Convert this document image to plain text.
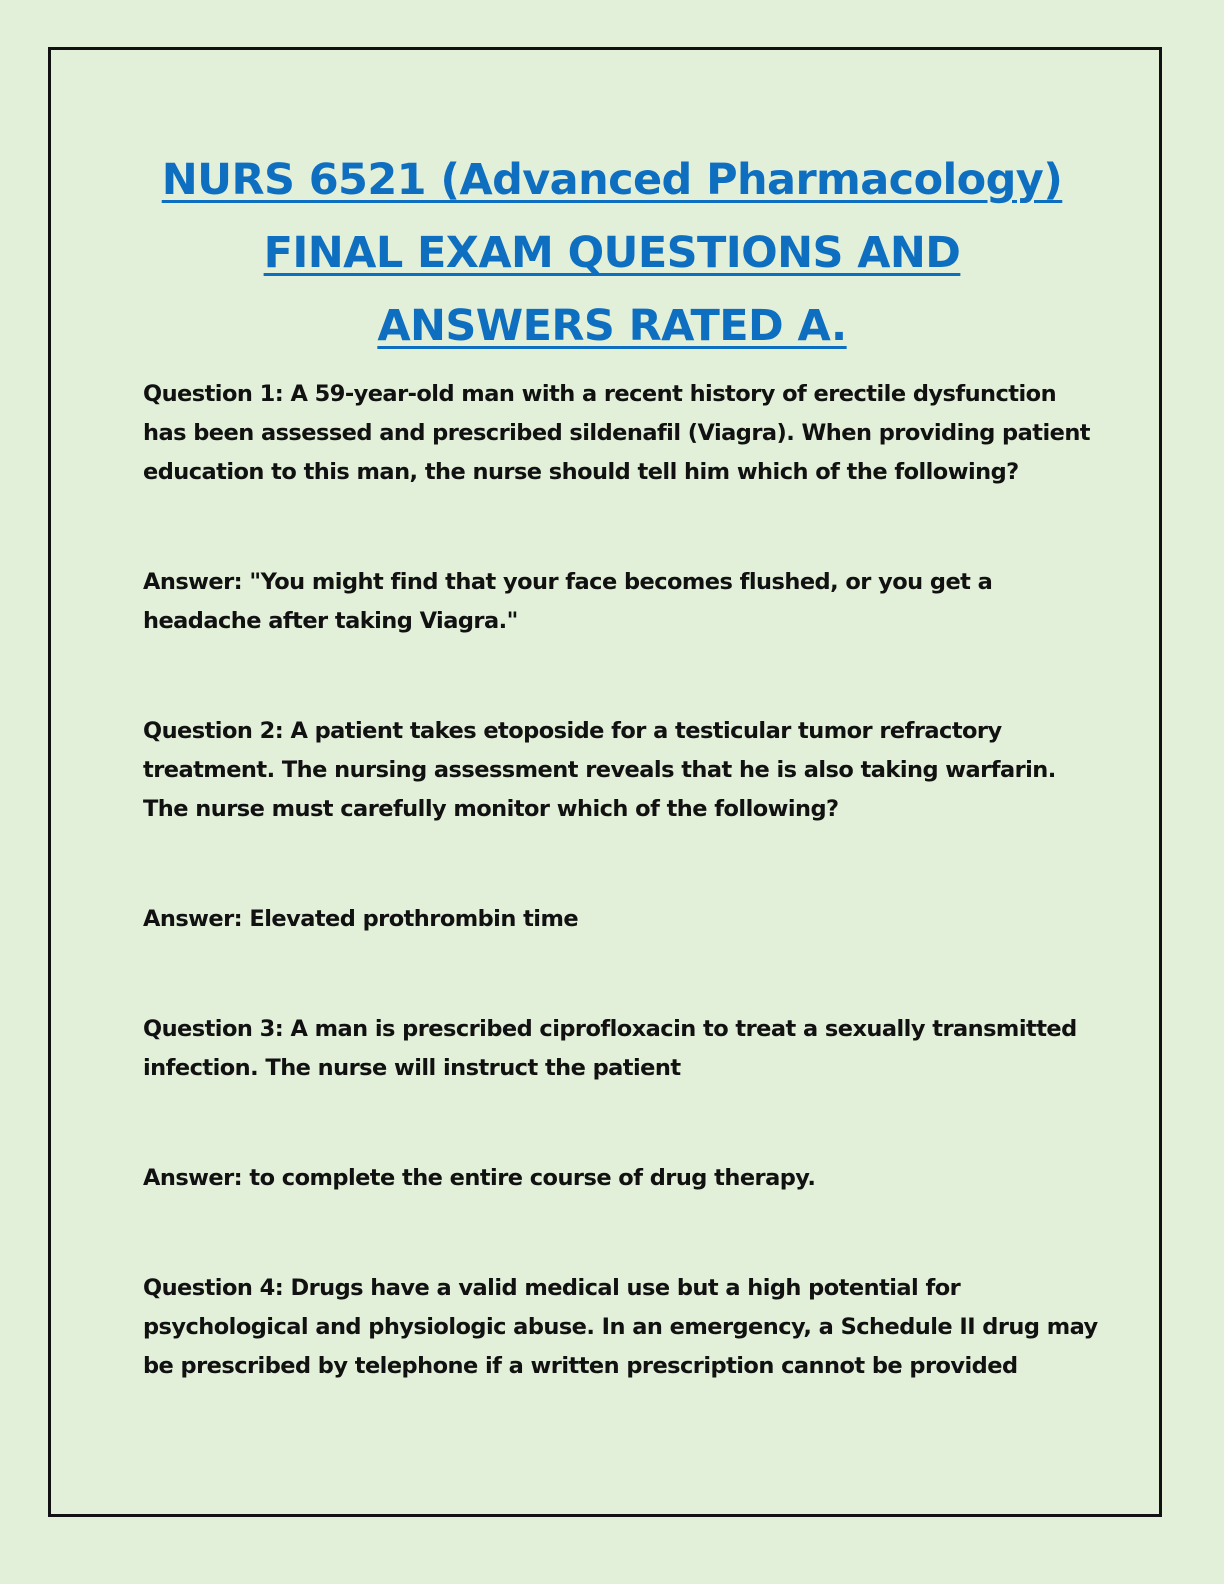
NURS 6521 (Advanced Pharmacology)
FINAL EXAM QUESTIONS AND
ANSWERS RATED A.

Question 1: A 59-year-old man with a recent history of erectile dysfunction has been assessed and prescribed sildenafil (Viagra). When providing patient education to this man, the nurse should tell him which of the following?

Answer: "You might find that your face becomes flushed, or you get a headache after taking Viagra."

Question 2: A patient takes etoposide for a testicular tumor refractory treatment. The nursing assessment reveals that he is also taking warfarin. The nurse must carefully monitor which of the following?

Answer: Elevated prothrombin time

Question 3: A man is prescribed ciprofloxacin to treat a sexually transmitted infection. The nurse will instruct the patient

Answer: to complete the entire course of drug therapy.

Question 4: Drugs have a valid medical use but a high potential for psychological and physiologic abuse. In an emergency, a Schedule II drug may be prescribed by telephone if a written prescription cannot be provided
